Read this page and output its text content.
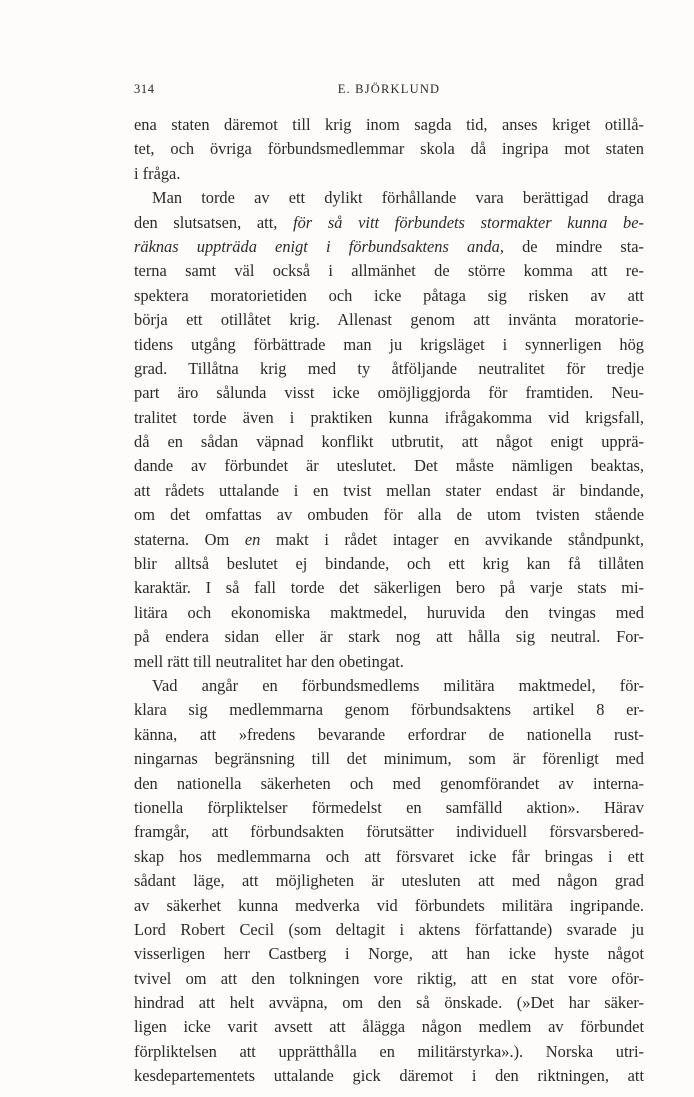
314	E. BJÖRKLUND
ena staten däremot till krig inom sagda tid, anses kriget otillå-
tet, och övriga förbundsmedlemmar skola då ingripa mot staten
i fråga.
Man torde av ett dylikt förhållande vara berättigad draga
den slutsatsen, att, för så vitt förbundets stormakter kunna be-
räknas uppträda enigt i förbundsaktens anda, de mindre sta-
terna samt väl också i allmänhet de större komma att re-
spektera moratorietiden och icke påtaga sig risken av att
börja ett otillåtet krig. Allenast genom att invänta moratorie-
tidens utgång förbättrade man ju krigsläget i synnerligen hög
grad. Tillåtna krig med ty åtföljande neutralitet för tredje
part äro sålunda visst icke omöjliggjorda för framtiden. Neu-
tralitet torde även i praktiken kunna ifrågakomma vid krigsfall,
då en sådan väpnad konflikt utbrutit, att något enigt upprä-
dande av förbundet är uteslutet. Det måste nämligen beaktas,
att rådets uttalande i en tvist mellan stater endast är bindande,
om det omfattas av ombuden för alla de utom tvisten stående
staterna. Om en makt i rådet intager en avvikande ståndpunkt,
blir alltså beslutet ej bindande, och ett krig kan få tillåten
karaktär. I så fall torde det säkerligen bero på varje stats mi-
litära och ekonomiska maktmedel, huruvida den tvingas med
på endera sidan eller är stark nog att hålla sig neutral. For-
mell rätt till neutralitet har den obetingat.
Vad angår en förbundsmedlems militära maktmedel, för-
klara sig medlemmarna genom förbundsaktens artikel 8 er-
känna, att »fredens bevarande erfordrar de nationella rust-
ningarnas begränsning till det minimum, som är förenligt med
den nationella säkerheten och med genomförandet av interna-
tionella förpliktelser förmedelst en samfälld aktion». Härav
framgår, att förbundsakten förutsätter individuell försvarsbered-
skap hos medlemmarna och att försvaret icke får bringas i ett
sådant läge, att möjligheten är utesluten att med någon grad
av säkerhet kunna medverka vid förbundets militära ingripande.
Lord Robert Cecil (som deltagit i aktens författande) svarade ju
visserligen herr Castberg i Norge, att han icke hyste något
tvivel om att den tolkningen vore riktig, att en stat vore oför-
hindrad att helt avväpna, om den så önskade. (»Det har säker-
ligen icke varit avsett att ålägga någon medlem av förbundet
förpliktelsen att upprätthålla en militärstyrka».). Norska utri-
kesdepartementets uttalande gick däremot i den riktningen, att
